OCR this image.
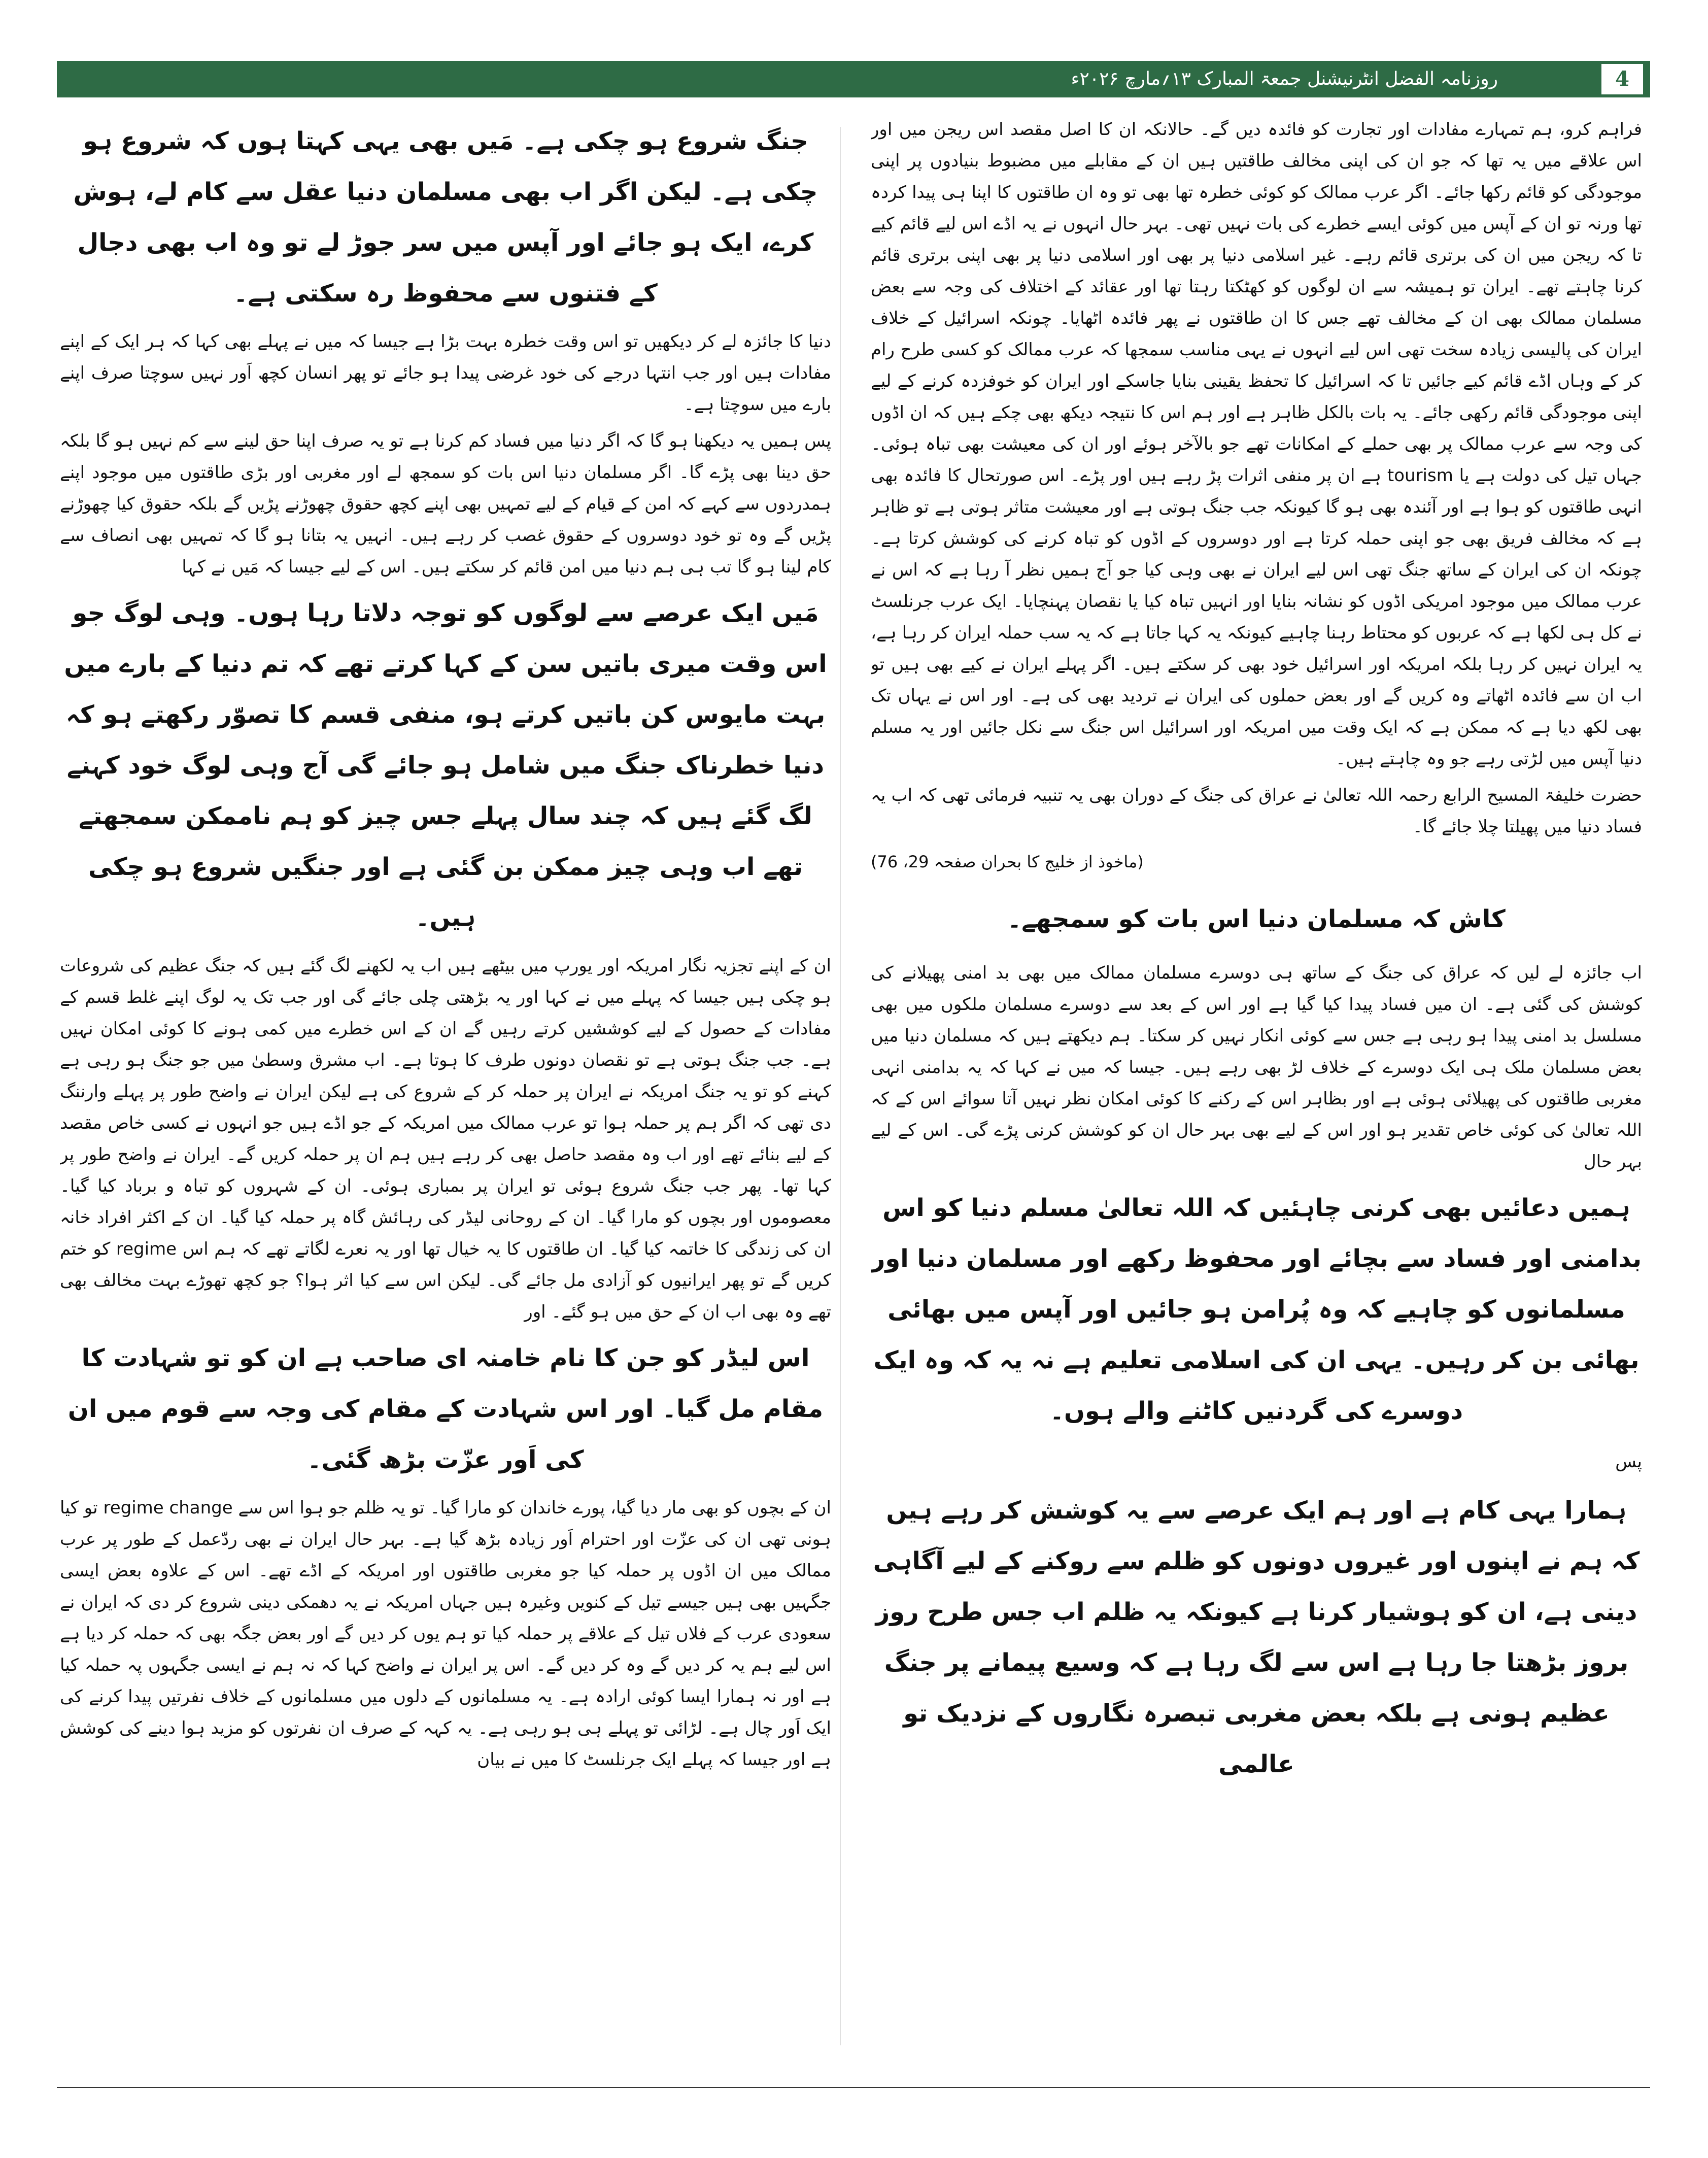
روزنامہ الفضل انٹرنیشنل جمعۃ المبارک ۱۳؍مارچ ۲۰۲۶ء	4

فراہم کرو، ہم تمہارے مفادات اور تجارت کو فائدہ دیں گے۔ حالانکہ ان کا اصل مقصد اس ریجن میں اور اس علاقے میں یہ تھا کہ جو ان کی اپنی مخالف طاقتیں ہیں ان کے مقابلے میں مضبوط بنیادوں پر اپنی موجودگی کو قائم رکھا جائے۔ اگر عرب ممالک کو کوئی خطرہ تھا بھی تو وہ ان طاقتوں کا اپنا ہی پیدا کردہ تھا ورنہ تو ان کے آپس میں کوئی ایسے خطرے کی بات نہیں تھی۔ بہر حال انہوں نے یہ اڈے اس لیے قائم کیے تا کہ ریجن میں ان کی برتری قائم رہے۔ غیر اسلامی دنیا پر بھی اور اسلامی دنیا پر بھی اپنی برتری قائم کرنا چاہتے تھے۔ ایران تو ہمیشہ سے ان لوگوں کو کھٹکتا رہتا تھا اور عقائد کے اختلاف کی وجہ سے بعض مسلمان ممالک بھی ان کے مخالف تھے جس کا ان طاقتوں نے پھر فائدہ اٹھایا۔ چونکہ اسرائیل کے خلاف ایران کی پالیسی زیادہ سخت تھی اس لیے انہوں نے یہی مناسب سمجھا کہ عرب ممالک کو کسی طرح رام کر کے وہاں اڈے قائم کیے جائیں تا کہ اسرائیل کا تحفظ یقینی بنایا جاسکے اور ایران کو خوفزدہ کرنے کے لیے اپنی موجودگی قائم رکھی جائے۔ یہ بات بالکل ظاہر ہے اور ہم اس کا نتیجہ دیکھ بھی چکے ہیں کہ ان اڈوں کی وجہ سے عرب ممالک پر بھی حملے کے امکانات تھے جو بالآخر ہوئے اور ان کی معیشت بھی تباہ ہوئی۔ جہاں تیل کی دولت ہے یا tourism ہے ان پر منفی اثرات پڑ رہے ہیں اور پڑے۔ اس صورتحال کا فائدہ بھی انہی طاقتوں کو ہوا ہے اور آئندہ بھی ہو گا کیونکہ جب جنگ ہوتی ہے اور معیشت متاثر ہوتی ہے تو ظاہر ہے کہ مخالف فریق بھی جو اپنی حملہ کرتا ہے اور دوسروں کے اڈوں کو تباہ کرنے کی کوشش کرتا ہے۔ چونکہ ان کی ایران کے ساتھ جنگ تھی اس لیے ایران نے بھی وہی کیا جو آج ہمیں نظر آ رہا ہے کہ اس نے عرب ممالک میں موجود امریکی اڈوں کو نشانہ بنایا اور انہیں تباہ کیا یا نقصان پہنچایا۔ ایک عرب جرنلسٹ نے کل ہی لکھا ہے کہ عربوں کو محتاط رہنا چاہیے کیونکہ یہ کہا جاتا ہے کہ یہ سب حملہ ایران کر رہا ہے، یہ ایران نہیں کر رہا بلکہ امریکہ اور اسرائیل خود بھی کر سکتے ہیں۔ اگر پہلے ایران نے کیے بھی ہیں تو اب ان سے فائدہ اٹھاتے وہ کریں گے اور بعض حملوں کی ایران نے تردید بھی کی ہے۔ اور اس نے یہاں تک بھی لکھ دیا ہے کہ ممکن ہے کہ ایک وقت میں امریکہ اور اسرائیل اس جنگ سے نکل جائیں اور یہ مسلم دنیا آپس میں لڑتی رہے جو وہ چاہتے ہیں۔

حضرت خلیفۃ المسیح الرابع رحمہ اللہ تعالیٰ نے عراق کی جنگ کے دوران بھی یہ تنبیہ فرمائی تھی کہ اب یہ فساد دنیا میں پھیلتا چلا جائے گا۔

(ماخوذ از خلیج کا بحران صفحہ 29، 76)
کاش کہ مسلمان دنیا اس بات کو سمجھے۔

اب جائزہ لے لیں کہ عراق کی جنگ کے ساتھ ہی دوسرے مسلمان ممالک میں بھی بد امنی پھیلانے کی کوشش کی گئی ہے۔ ان میں فساد پیدا کیا گیا ہے اور اس کے بعد سے دوسرے مسلمان ملکوں میں بھی مسلسل بد امنی پیدا ہو رہی ہے جس سے کوئی انکار نہیں کر سکتا۔ ہم دیکھتے ہیں کہ مسلمان دنیا میں بعض مسلمان ملک ہی ایک دوسرے کے خلاف لڑ بھی رہے ہیں۔ جیسا کہ میں نے کہا کہ یہ بدامنی انہی مغربی طاقتوں کی پھیلائی ہوئی ہے اور بظاہر اس کے رکنے کا کوئی امکان نظر نہیں آتا سوائے اس کے کہ اللہ تعالیٰ کی کوئی خاص تقدیر ہو اور اس کے لیے بھی بہر حال ان کو کوشش کرنی پڑے گی۔ اس کے لیے بہر حال

ہمیں دعائیں بھی کرنی چاہئیں کہ اللہ تعالیٰ مسلم دنیا کو اس بدامنی اور فساد سے بچائے اور محفوظ رکھے اور مسلمان دنیا اور مسلمانوں کو چاہیے کہ وہ پُرامن ہو جائیں اور آپس میں بھائی بھائی بن کر رہیں۔ یہی ان کی اسلامی تعلیم ہے نہ یہ کہ وہ ایک دوسرے کی گردنیں کاٹنے والے ہوں۔

پس

ہمارا یہی کام ہے اور ہم ایک عرصے سے یہ کوشش کر رہے ہیں کہ ہم نے اپنوں اور غیروں دونوں کو ظلم سے روکنے کے لیے آگاہی دینی ہے، ان کو ہوشیار کرنا ہے کیونکہ یہ ظلم اب جس طرح روز بروز بڑھتا جا رہا ہے اس سے لگ رہا ہے کہ وسیع پیمانے پر جنگ عظیم ہونی ہے بلکہ بعض مغربی تبصرہ نگاروں کے نزدیک تو عالمی

جنگ شروع ہو چکی ہے۔ مَیں بھی یہی کہتا ہوں کہ شروع ہو چکی ہے۔ لیکن اگر اب بھی مسلمان دنیا عقل سے کام لے، ہوش کرے، ایک ہو جائے اور آپس میں سر جوڑ لے تو وہ اب بھی دجال کے فتنوں سے محفوظ رہ سکتی ہے۔

دنیا کا جائزہ لے کر دیکھیں تو اس وقت خطرہ بہت بڑا ہے جیسا کہ میں نے پہلے بھی کہا کہ ہر ایک کے اپنے مفادات ہیں اور جب انتہا درجے کی خود غرضی پیدا ہو جائے تو پھر انسان کچھ اَور نہیں سوچتا صرف اپنے بارے میں سوچتا ہے۔

پس ہمیں یہ دیکھنا ہو گا کہ اگر دنیا میں فساد کم کرنا ہے تو یہ صرف اپنا حق لینے سے کم نہیں ہو گا بلکہ حق دینا بھی پڑے گا۔ اگر مسلمان دنیا اس بات کو سمجھ لے اور مغربی اور بڑی طاقتوں میں موجود اپنے ہمدردوں سے کہے کہ امن کے قیام کے لیے تمہیں بھی اپنے کچھ حقوق چھوڑنے پڑیں گے بلکہ حقوق کیا چھوڑنے پڑیں گے وہ تو خود دوسروں کے حقوق غصب کر رہے ہیں۔ انہیں یہ بتانا ہو گا کہ تمہیں بھی انصاف سے کام لینا ہو گا تب ہی ہم دنیا میں امن قائم کر سکتے ہیں۔ اس کے لیے جیسا کہ مَیں نے کہا

مَیں ایک عرصے سے لوگوں کو توجہ دلاتا رہا ہوں۔ وہی لوگ جو اس وقت میری باتیں سن کے کہا کرتے تھے کہ تم دنیا کے بارے میں بہت مایوس کن باتیں کرتے ہو، منفی قسم کا تصوّر رکھتے ہو کہ دنیا خطرناک جنگ میں شامل ہو جائے گی آج وہی لوگ خود کہنے لگ گئے ہیں کہ چند سال پہلے جس چیز کو ہم ناممکن سمجھتے تھے اب وہی چیز ممکن بن گئی ہے اور جنگیں شروع ہو چکی ہیں۔

ان کے اپنے تجزیہ نگار امریکہ اور یورپ میں بیٹھے ہیں اب یہ لکھنے لگ گئے ہیں کہ جنگ عظیم کی شروعات ہو چکی ہیں جیسا کہ پہلے میں نے کہا اور یہ بڑھتی چلی جائے گی اور جب تک یہ لوگ اپنے غلط قسم کے مفادات کے حصول کے لیے کوششیں کرتے رہیں گے ان کے اس خطرے میں کمی ہونے کا کوئی امکان نہیں ہے۔ جب جنگ ہوتی ہے تو نقصان دونوں طرف کا ہوتا ہے۔ اب مشرق وسطیٰ میں جو جنگ ہو رہی ہے کہنے کو تو یہ جنگ امریکہ نے ایران پر حملہ کر کے شروع کی ہے لیکن ایران نے واضح طور پر پہلے وارننگ دی تھی کہ اگر ہم پر حملہ ہوا تو عرب ممالک میں امریکہ کے جو اڈے ہیں جو انہوں نے کسی خاص مقصد کے لیے بنائے تھے اور اب وہ مقصد حاصل بھی کر رہے ہیں ہم ان پر حملہ کریں گے۔ ایران نے واضح طور پر کہا تھا۔ پھر جب جنگ شروع ہوئی تو ایران پر بمباری ہوئی۔ ان کے شہروں کو تباہ و برباد کیا گیا۔ معصوموں اور بچوں کو مارا گیا۔ ان کے روحانی لیڈر کی رہائش گاہ پر حملہ کیا گیا۔ ان کے اکثر افراد خانہ ان کی زندگی کا خاتمہ کیا گیا۔ ان طاقتوں کا یہ خیال تھا اور یہ نعرے لگاتے تھے کہ ہم اس regime کو ختم کریں گے تو پھر ایرانیوں کو آزادی مل جائے گی۔ لیکن اس سے کیا اثر ہوا؟ جو کچھ تھوڑے بہت مخالف بھی تھے وہ بھی اب ان کے حق میں ہو گئے۔ اور

اس لیڈر کو جن کا نام خامنہ ای صاحب ہے ان کو تو شہادت کا مقام مل گیا۔ اور اس شہادت کے مقام کی وجہ سے قوم میں ان کی اَور عزّت بڑھ گئی۔

ان کے بچوں کو بھی مار دیا گیا، پورے خاندان کو مارا گیا۔ تو یہ ظلم جو ہوا اس سے regime change تو کیا ہونی تھی ان کی عزّت اور احترام اَور زیادہ بڑھ گیا ہے۔ بہر حال ایران نے بھی ردّعمل کے طور پر عرب ممالک میں ان اڈوں پر حملہ کیا جو مغربی طاقتوں اور امریکہ کے اڈے تھے۔ اس کے علاوہ بعض ایسی جگہیں بھی ہیں جیسے تیل کے کنویں وغیرہ ہیں جہاں امریکہ نے یہ دھمکی دینی شروع کر دی کہ ایران نے سعودی عرب کے فلاں تیل کے علاقے پر حملہ کیا تو ہم یوں کر دیں گے اور بعض جگہ بھی کہ حملہ کر دیا ہے اس لیے ہم یہ کر دیں گے وہ کر دیں گے۔ اس پر ایران نے واضح کہا کہ نہ ہم نے ایسی جگہوں پہ حملہ کیا ہے اور نہ ہمارا ایسا کوئی ارادہ ہے۔ یہ مسلمانوں کے دلوں میں مسلمانوں کے خلاف نفرتیں پیدا کرنے کی ایک اَور چال ہے۔ لڑائی تو پہلے ہی ہو رہی ہے۔ یہ کہہ کے صرف ان نفرتوں کو مزید ہوا دینے کی کوشش ہے اور جیسا کہ پہلے ایک جرنلسٹ کا میں نے بیان
